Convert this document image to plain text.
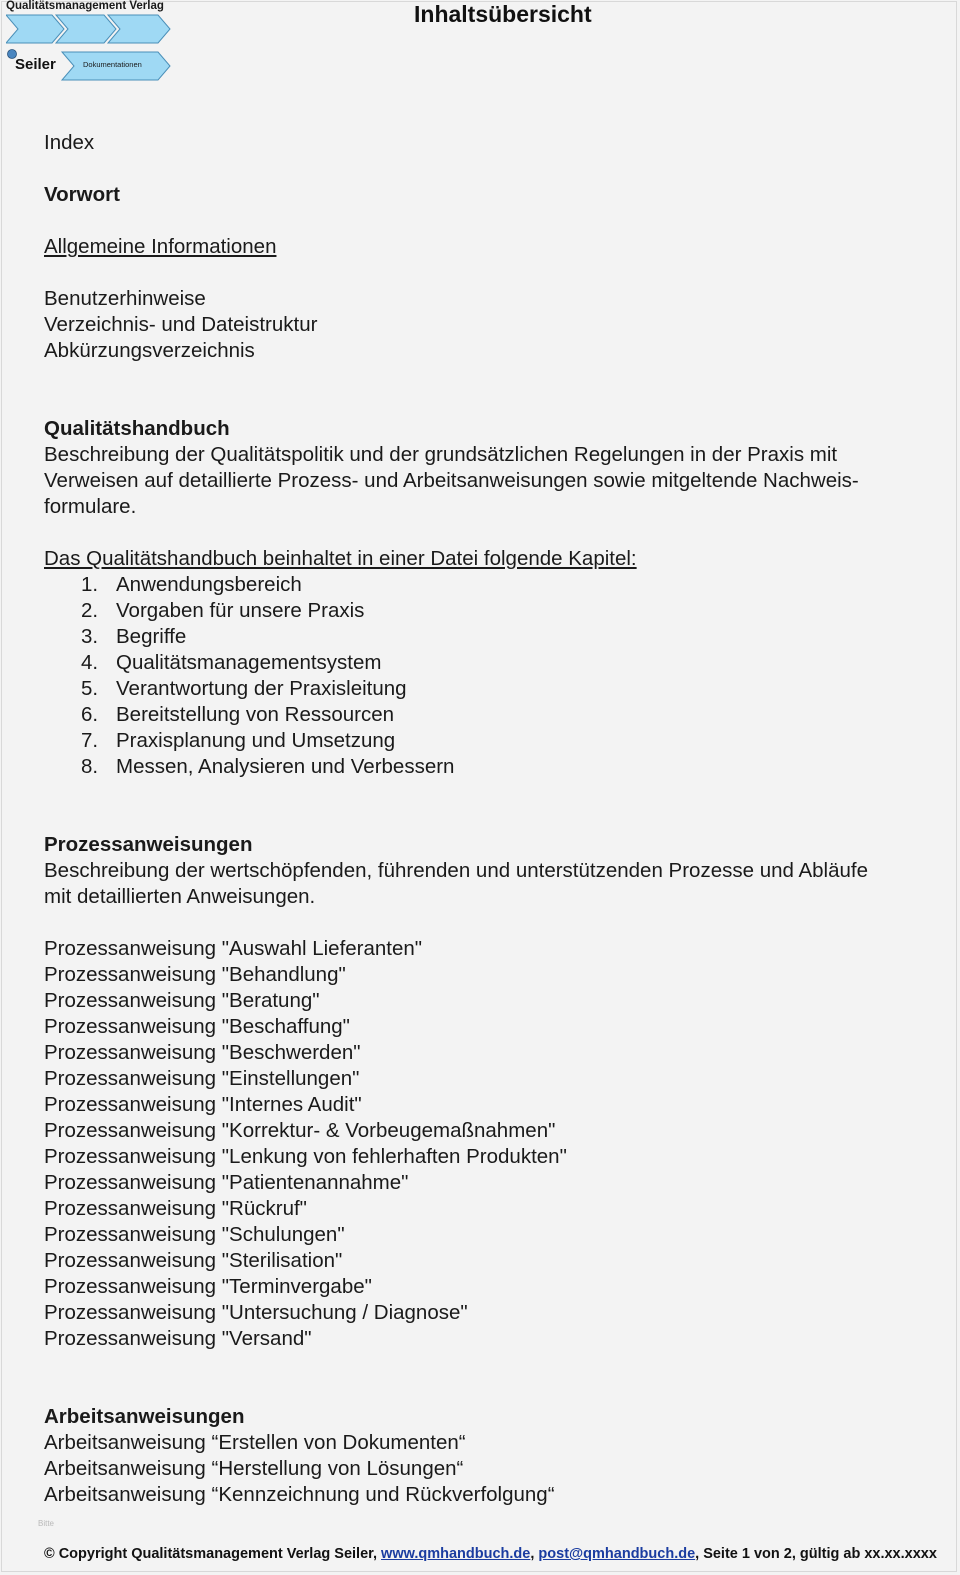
Qualitätsmanagement Verlag
Seiler	Dokumentationen
Inhaltsübersicht

Index

Vorwort

Allgemeine Informationen

Benutzerhinweise

Verzeichnis- und Dateistruktur

Abkürzungsverzeichnis

Qualitätshandbuch

Beschreibung der Qualitätspolitik und der grundsätzlichen Regelungen in der Praxis mit

Verweisen auf detaillierte Prozess- und Arbeitsanweisungen sowie mitgeltende Nachweis-

formulare.

Das Qualitätshandbuch beinhaltet in einer Datei folgende Kapitel:

1. Anwendungsbereich
2. Vorgaben für unsere Praxis
3. Begriffe
4. Qualitätsmanagementsystem
5. Verantwortung der Praxisleitung
6. Bereitstellung von Ressourcen
7. Praxisplanung und Umsetzung
8. Messen, Analysieren und Verbessern

Prozessanweisungen

Beschreibung der wertschöpfenden, führenden und unterstützenden Prozesse und Abläufe

mit detaillierten Anweisungen.

Prozessanweisung "Auswahl Lieferanten"

Prozessanweisung "Behandlung"

Prozessanweisung "Beratung"

Prozessanweisung "Beschaffung"

Prozessanweisung "Beschwerden"

Prozessanweisung "Einstellungen"

Prozessanweisung "Internes Audit"

Prozessanweisung "Korrektur- & Vorbeugemaßnahmen"

Prozessanweisung "Lenkung von fehlerhaften Produkten"

Prozessanweisung "Patientenannahme"

Prozessanweisung "Rückruf"

Prozessanweisung "Schulungen"

Prozessanweisung "Sterilisation"

Prozessanweisung "Terminvergabe"

Prozessanweisung "Untersuchung / Diagnose"

Prozessanweisung "Versand"

Arbeitsanweisungen

Arbeitsanweisung “Erstellen von Dokumenten“

Arbeitsanweisung “Herstellung von Lösungen“

Arbeitsanweisung “Kennzeichnung und Rückverfolgung“

Bitte
© Copyright Qualitätsmanagement Verlag Seiler, www.qmhandbuch.de, post@qmhandbuch.de, Seite 1 von 2, gültig ab xx.xx.xxxx
